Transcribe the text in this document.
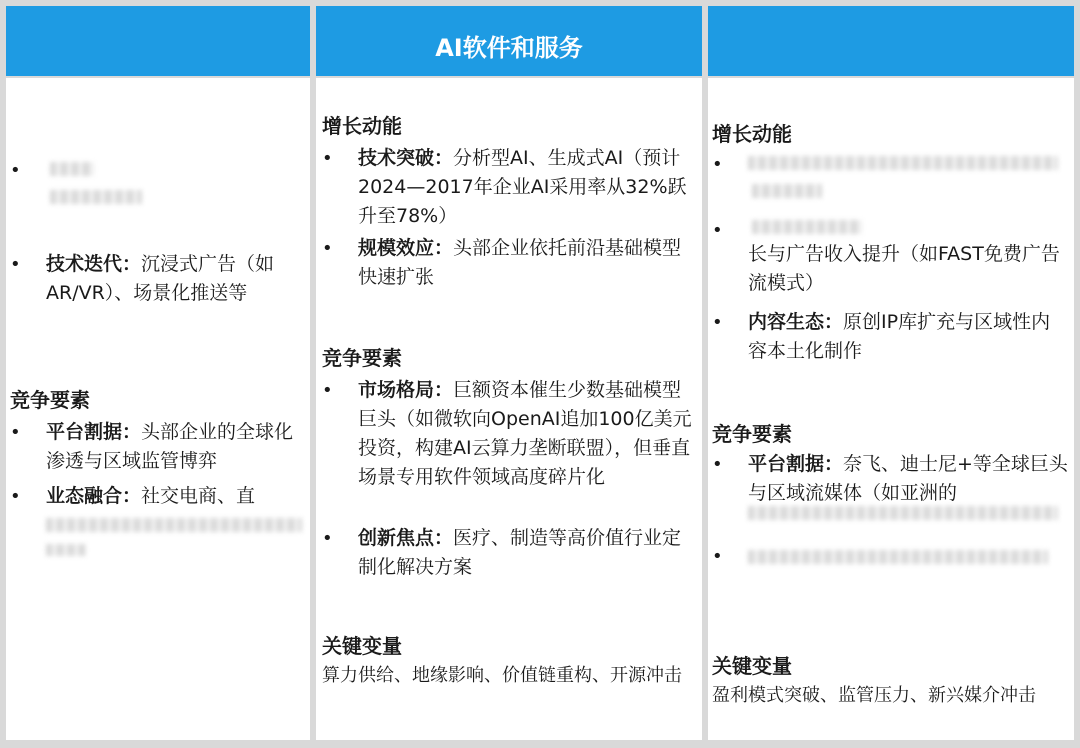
AI软件和服务
•
• 技术迭代：沉浸式广告（如AR/VR）、场景化推送等
竞争要素
• 平台割据：头部企业的全球化渗透与区域监管博弈
• 业态融合：社交电商、直
增长动能
• 技术突破：分析型AI、生成式AI（预计2024—2017年企业AI采用率从32%跃升至78%）
• 规模效应：头部企业依托前沿基础模型快速扩张
竞争要素
• 市场格局：巨额资本催生少数基础模型巨头（如微软向OpenAI追加100亿美元投资，构建AI云算力垄断联盟），但垂直场景专用软件领域高度碎片化
• 创新焦点：医疗、制造等高价值行业定制化解决方案
关键变量
算力供给、地缘影响、价值链重构、开源冲击
增长动能
•
•
长与广告收入提升（如FAST免费广告流模式）
• 内容生态：原创IP库扩充与区域性内容本土化制作
竞争要素
• 平台割据：奈飞、迪士尼+等全球巨头与区域流媒体（如亚洲的
•
关键变量
盈利模式突破、监管压力、新兴媒介冲击
